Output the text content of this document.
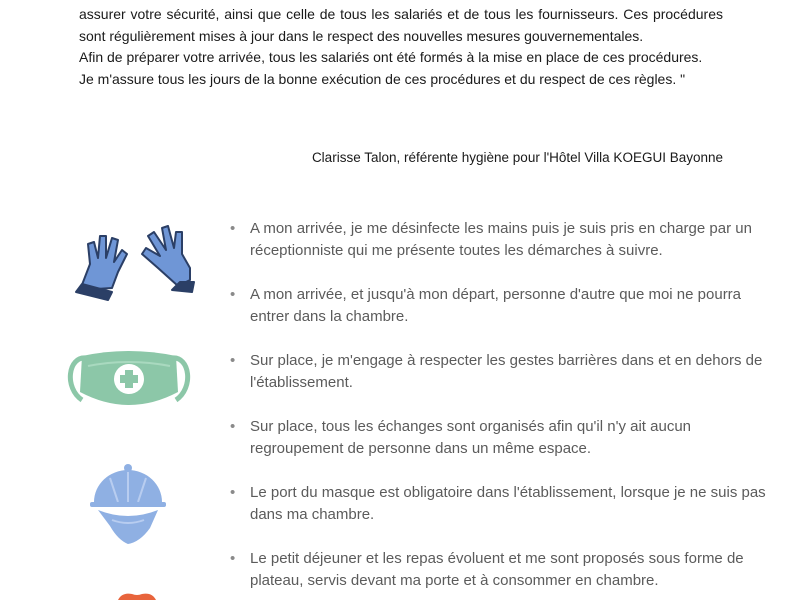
assurer votre sécurité, ainsi que celle de tous les salariés et de tous les fournisseurs. Ces procédures sont régulièrement mises à jour dans le respect des nouvelles mesures gouvernementales.

Afin de préparer votre arrivée, tous les salariés ont été formés à la mise en place de ces procédures.

Je m'assure tous les jours de la bonne exécution de ces procédures et du respect de ces règles. "

Clarisse Talon, référente hygiène pour l'Hôtel Villa KOEGUI Bayonne
• A mon arrivée, je me désinfecte les mains puis je suis pris en charge par un réceptionniste qui me présente toutes les démarches à suivre.
• A mon arrivée, et jusqu'à mon départ, personne d'autre que moi ne pourra entrer dans la chambre.
• Sur place, je m'engage à respecter les gestes barrières dans et en dehors de l'établissement.
• Sur place, tous les échanges sont organisés afin qu'il n'y ait aucun regroupement de personne dans un même espace.
• Le port du masque est obligatoire dans l'établissement, lorsque je ne suis pas dans ma chambre.
• Le petit déjeuner et les repas évoluent et me sont proposés sous forme de plateau, servis devant ma porte et à consommer en chambre.
